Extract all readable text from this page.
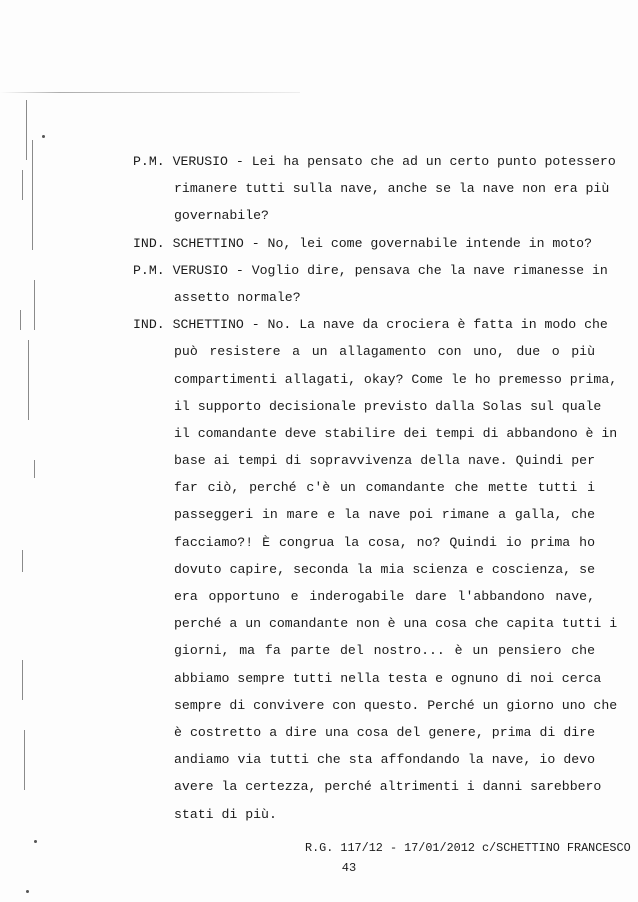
P.M. VERUSIO - Lei ha pensato che ad un certo punto potessero
rimanere tutti sulla nave, anche se la nave non era più
governabile?
IND. SCHETTINO - No, lei come governabile intende in moto?
P.M. VERUSIO - Voglio dire, pensava che la nave rimanesse in
assetto normale?
IND. SCHETTINO - No. La nave da crociera è fatta in modo che
può resistere a un allagamento con uno, due o più
compartimenti allagati, okay? Come le ho premesso prima,
il supporto decisionale previsto dalla Solas sul quale
il comandante deve stabilire dei tempi di abbandono è in
base ai tempi di sopravvivenza della nave. Quindi per
far ciò, perché c'è un comandante che mette tutti i
passeggeri in mare e la nave poi rimane a galla, che
facciamo?! È congrua la cosa, no? Quindi io prima ho
dovuto capire, seconda la mia scienza e coscienza, se
era opportuno e inderogabile dare l'abbandono nave,
perché a un comandante non è una cosa che capita tutti i
giorni, ma fa parte del nostro... è un pensiero che
abbiamo sempre tutti nella testa e ognuno di noi cerca
sempre di convivere con questo. Perché un giorno uno che
è costretto a dire una cosa del genere, prima di dire
andiamo via tutti che sta affondando la nave, io devo
avere la certezza, perché altrimenti i danni sarebbero
stati di più.
R.G. 117/12 - 17/01/2012 c/SCHETTINO FRANCESCO
43
